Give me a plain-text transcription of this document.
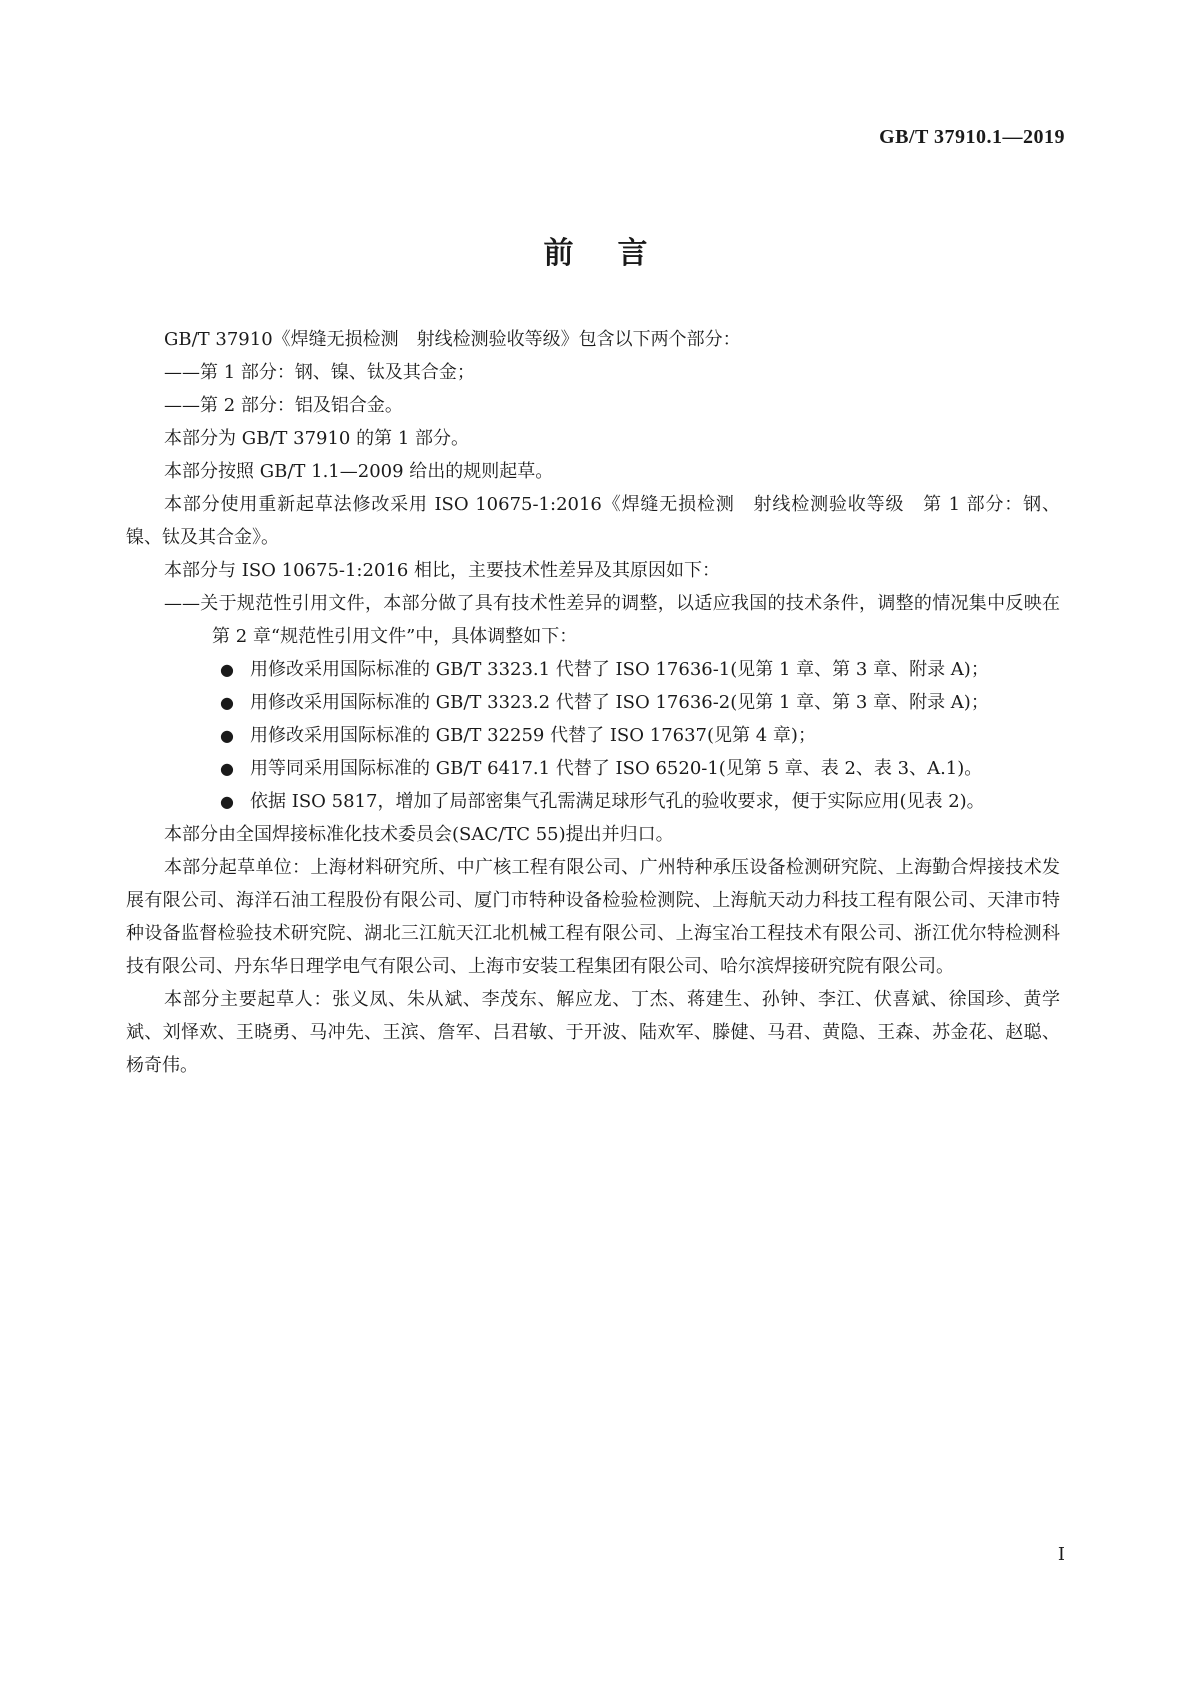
GB/T 37910.1—2019
前言

GB/T 37910《焊缝无损检测　射线检测验收等级》包含以下两个部分：

——第 1 部分：钢、镍、钛及其合金；

——第 2 部分：铝及铝合金。

本部分为 GB/T 37910 的第 1 部分。

本部分按照 GB/T 1.1—2009 给出的规则起草。

本部分使用重新起草法修改采用 ISO 10675-1:2016《焊缝无损检测　射线检测验收等级　第 1 部分：钢、镍、钛及其合金》。

本部分与 ISO 10675-1:2016 相比，主要技术性差异及其原因如下：

——关于规范性引用文件，本部分做了具有技术性差异的调整，以适应我国的技术条件，调整的情况集中反映在第 2 章“规范性引用文件”中，具体调整如下：

● 用修改采用国际标准的 GB/T 3323.1 代替了 ISO 17636-1(见第 1 章、第 3 章、附录 A)；

● 用修改采用国际标准的 GB/T 3323.2 代替了 ISO 17636-2(见第 1 章、第 3 章、附录 A)；

● 用修改采用国际标准的 GB/T 32259 代替了 ISO 17637(见第 4 章)；

● 用等同采用国际标准的 GB/T 6417.1 代替了 ISO 6520-1(见第 5 章、表 2、表 3、A.1)。

● 依据 ISO 5817，增加了局部密集气孔需满足球形气孔的验收要求，便于实际应用(见表 2)。

本部分由全国焊接标准化技术委员会(SAC/TC 55)提出并归口。

本部分起草单位：上海材料研究所、中广核工程有限公司、广州特种承压设备检测研究院、上海勤合焊接技术发展有限公司、海洋石油工程股份有限公司、厦门市特种设备检验检测院、上海航天动力科技工程有限公司、天津市特种设备监督检验技术研究院、湖北三江航天江北机械工程有限公司、上海宝冶工程技术有限公司、浙江优尔特检测科技有限公司、丹东华日理学电气有限公司、上海市安装工程集团有限公司、哈尔滨焊接研究院有限公司。

本部分主要起草人：张义凤、朱从斌、李茂东、解应龙、丁杰、蒋建生、孙钟、李江、伏喜斌、徐国珍、黄学斌、刘怿欢、王晓勇、马冲先、王滨、詹军、吕君敏、于开波、陆欢军、滕健、马君、黄隐、王森、苏金花、赵聪、杨奇伟。

I
